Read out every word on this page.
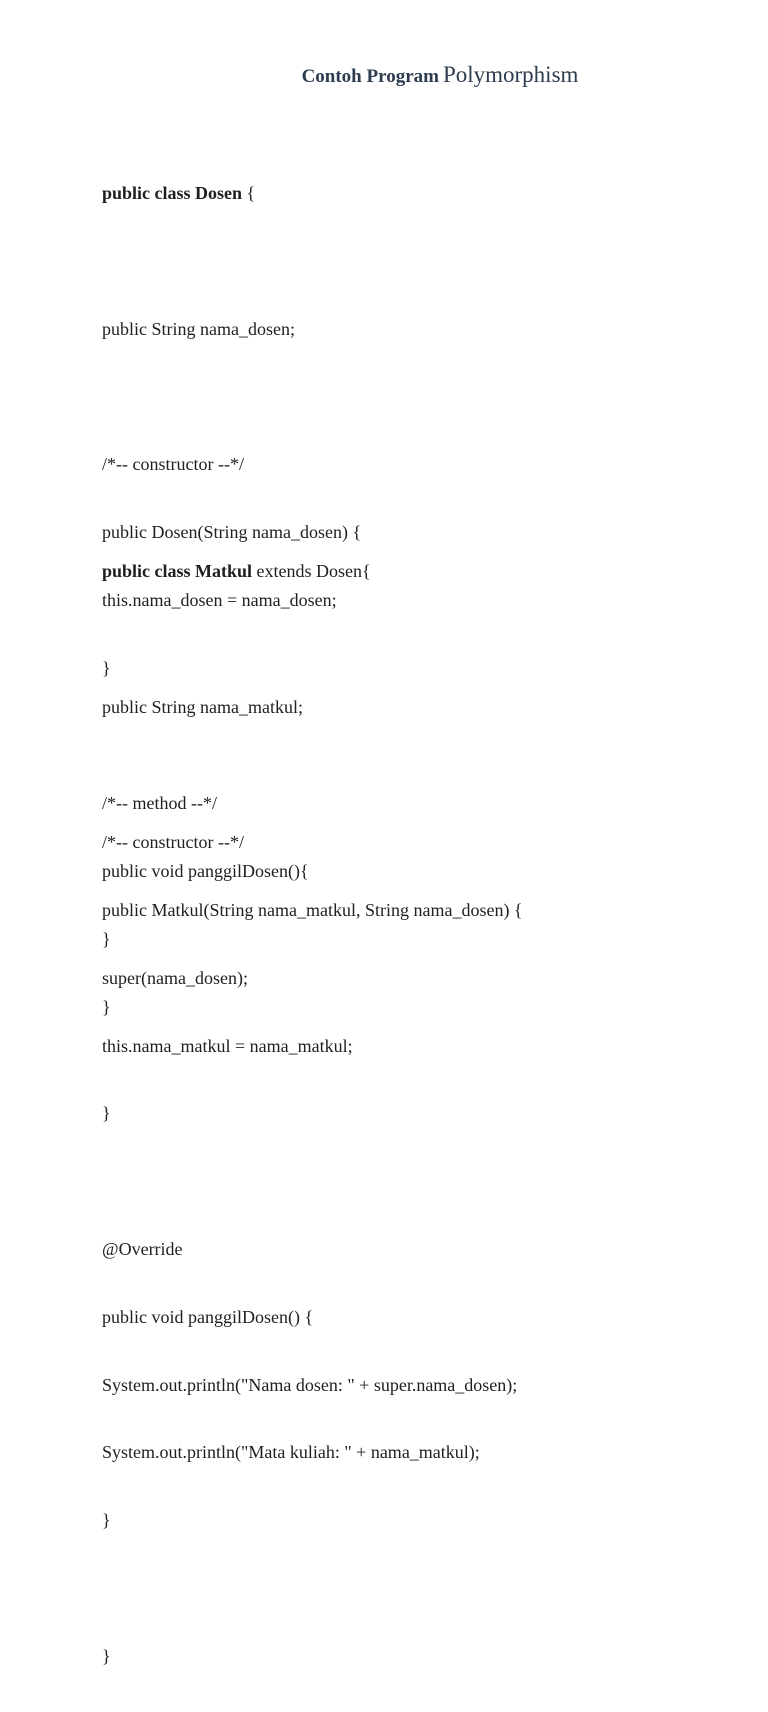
Contoh Program Polymorphism

public class Dosen {

public String nama_dosen;

/*-- constructor --*/

public Dosen(String nama_dosen) {

this.nama_dosen = nama_dosen;

}

/*-- method --*/

public void panggilDosen(){

}

}

public class Matkul extends Dosen{

public String nama_matkul;

/*-- constructor --*/

public Matkul(String nama_matkul, String nama_dosen) {

super(nama_dosen);

this.nama_matkul = nama_matkul;

}

@Override

public void panggilDosen() {

System.out.println("Nama dosen: " + super.nama_dosen);

System.out.println("Mata kuliah: " + nama_matkul);

}

}
